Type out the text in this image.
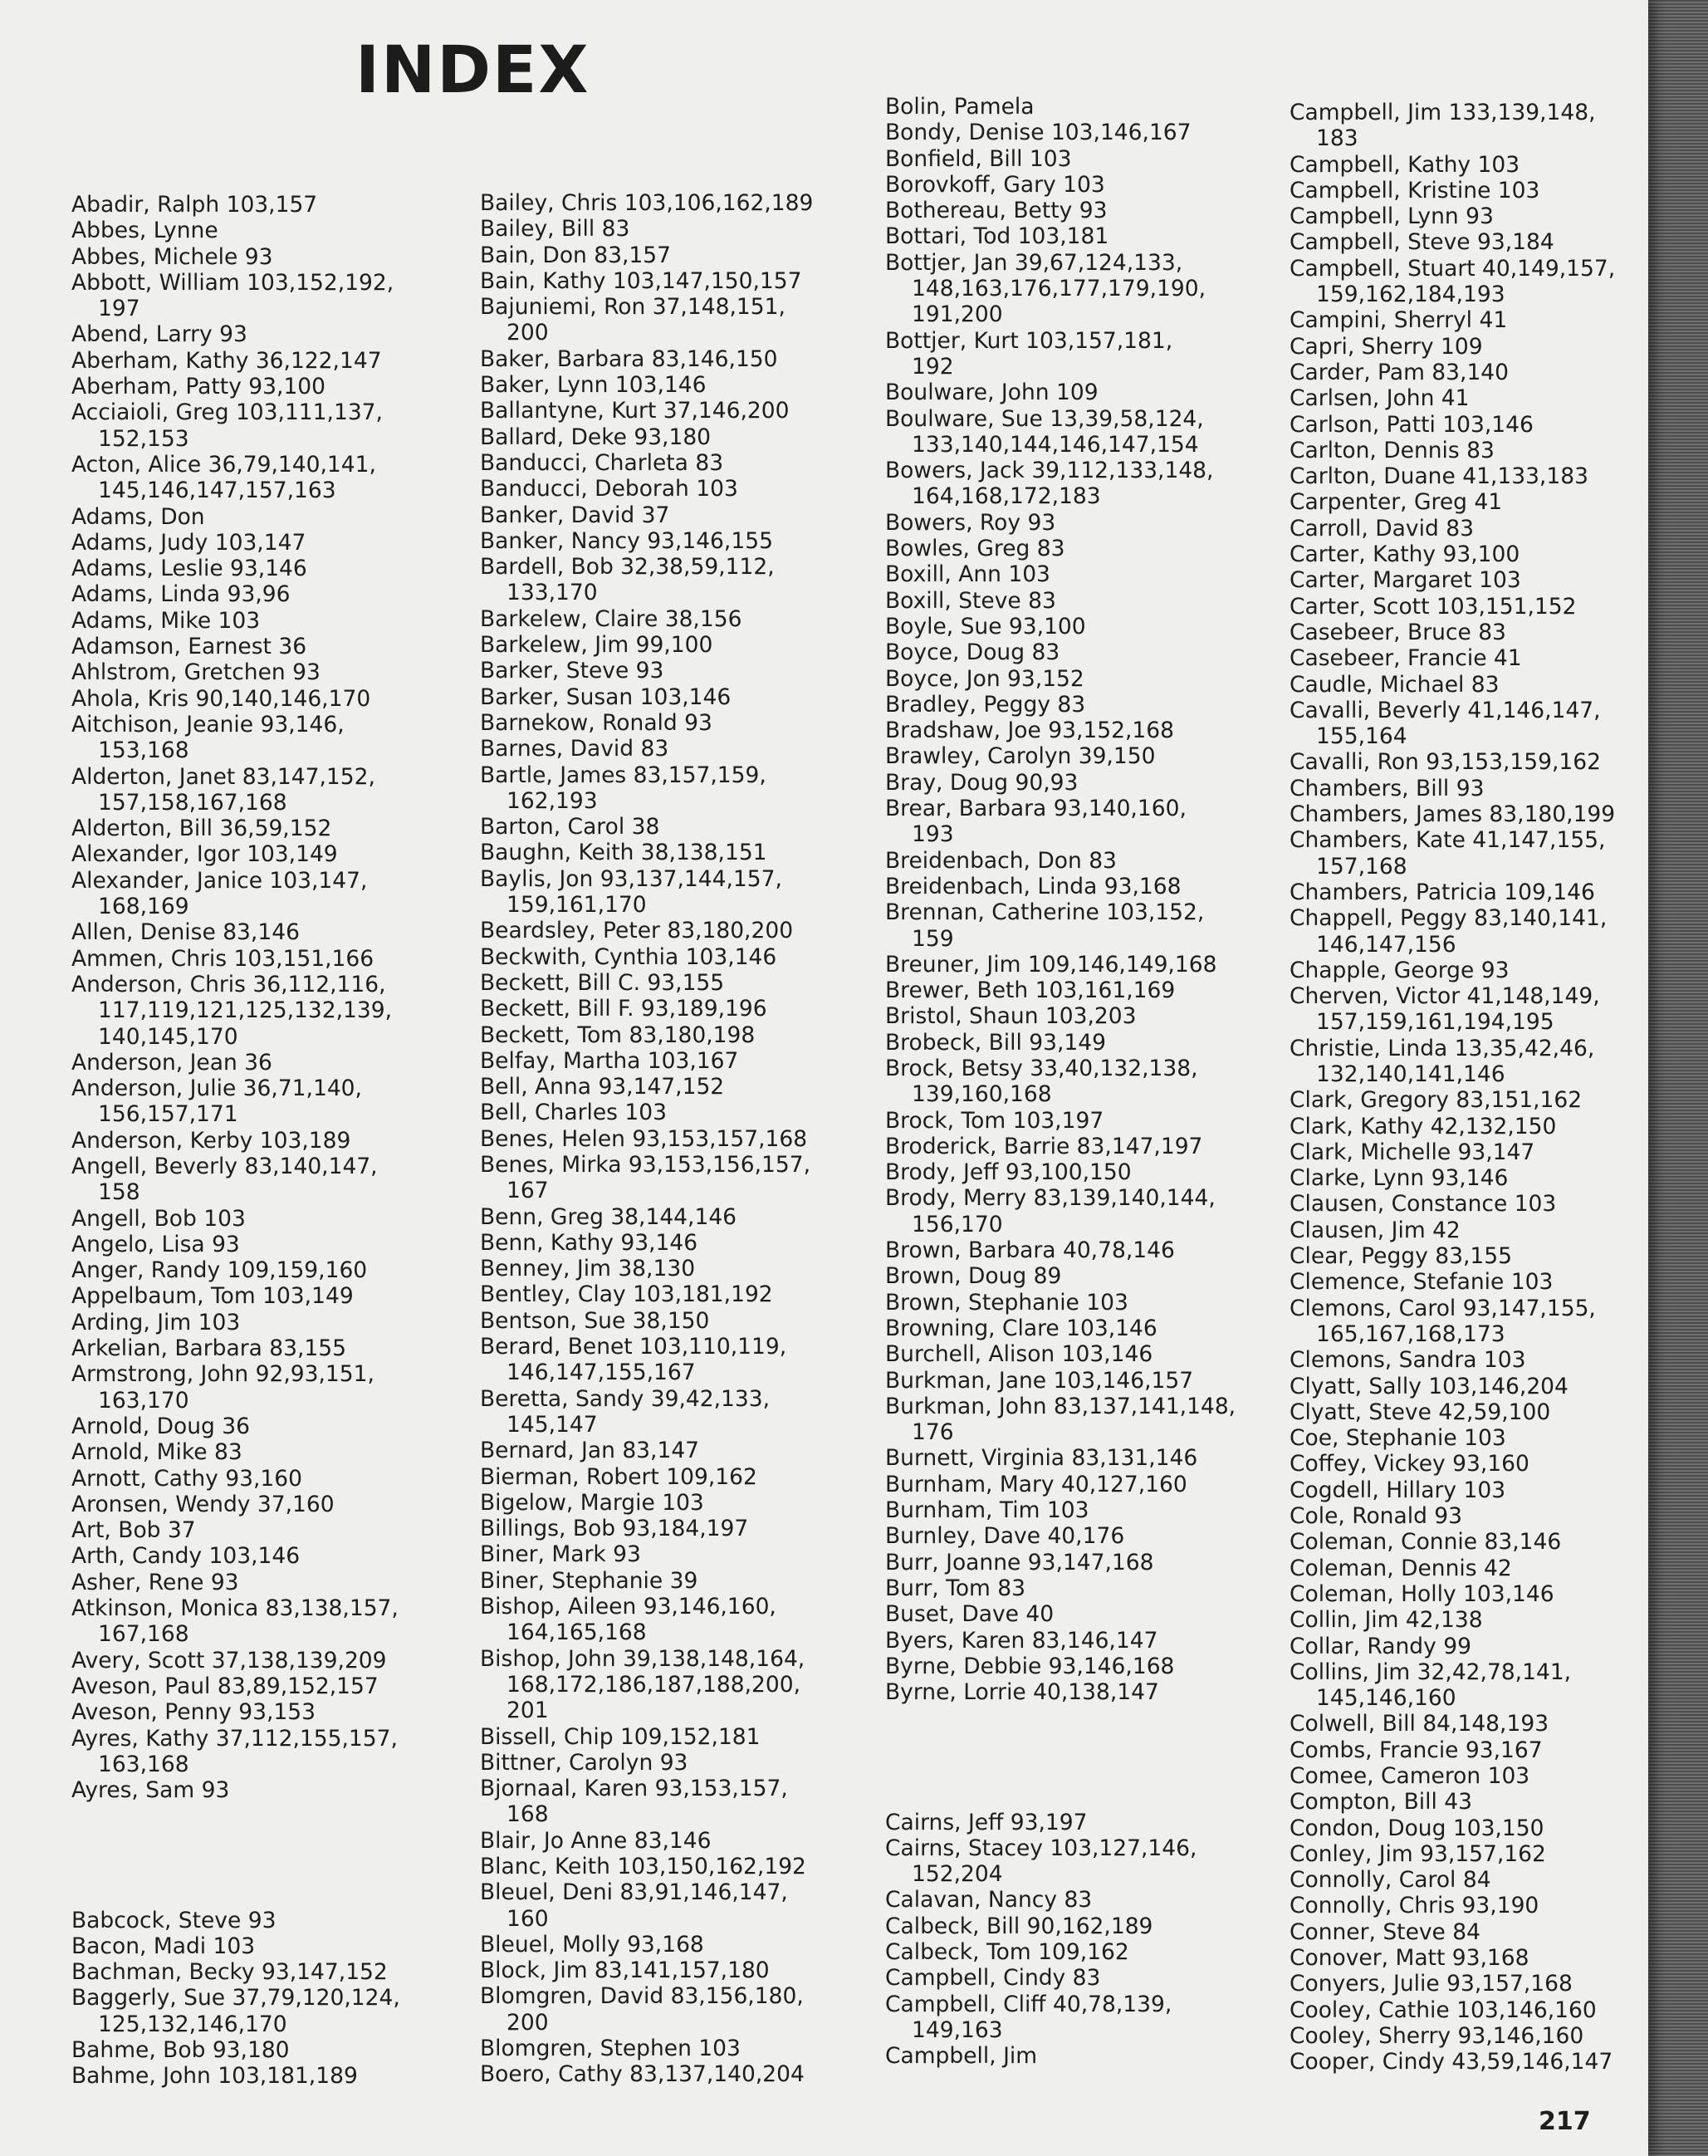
INDEX
Abadir, Ralph 103,157
Abbes, Lynne
Abbes, Michele 93
Abbott, William 103,152,192,
197
Abend, Larry 93
Aberham, Kathy 36,122,147
Aberham, Patty 93,100
Acciaioli, Greg 103,111,137,
152,153
Acton, Alice 36,79,140,141,
145,146,147,157,163
Adams, Don
Adams, Judy 103,147
Adams, Leslie 93,146
Adams, Linda 93,96
Adams, Mike 103
Adamson, Earnest 36
Ahlstrom, Gretchen 93
Ahola, Kris 90,140,146,170
Aitchison, Jeanie 93,146,
153,168
Alderton, Janet 83,147,152,
157,158,167,168
Alderton, Bill 36,59,152
Alexander, Igor 103,149
Alexander, Janice 103,147,
168,169
Allen, Denise 83,146
Ammen, Chris 103,151,166
Anderson, Chris 36,112,116,
117,119,121,125,132,139,
140,145,170
Anderson, Jean 36
Anderson, Julie 36,71,140,
156,157,171
Anderson, Kerby 103,189
Angell, Beverly 83,140,147,
158
Angell, Bob 103
Angelo, Lisa 93
Anger, Randy 109,159,160
Appelbaum, Tom 103,149
Arding, Jim 103
Arkelian, Barbara 83,155
Armstrong, John 92,93,151,
163,170
Arnold, Doug 36
Arnold, Mike 83
Arnott, Cathy 93,160
Aronsen, Wendy 37,160
Art, Bob 37
Arth, Candy 103,146
Asher, Rene 93
Atkinson, Monica 83,138,157,
167,168
Avery, Scott 37,138,139,209
Aveson, Paul 83,89,152,157
Aveson, Penny 93,153
Ayres, Kathy 37,112,155,157,
163,168
Ayres, Sam 93
Babcock, Steve 93
Bacon, Madi 103
Bachman, Becky 93,147,152
Baggerly, Sue 37,79,120,124,
125,132,146,170
Bahme, Bob 93,180
Bahme, John 103,181,189
Bailey, Chris 103,106,162,189
Bailey, Bill 83
Bain, Don 83,157
Bain, Kathy 103,147,150,157
Bajuniemi, Ron 37,148,151,
200
Baker, Barbara 83,146,150
Baker, Lynn 103,146
Ballantyne, Kurt 37,146,200
Ballard, Deke 93,180
Banducci, Charleta 83
Banducci, Deborah 103
Banker, David 37
Banker, Nancy 93,146,155
Bardell, Bob 32,38,59,112,
133,170
Barkelew, Claire 38,156
Barkelew, Jim 99,100
Barker, Steve 93
Barker, Susan 103,146
Barnekow, Ronald 93
Barnes, David 83
Bartle, James 83,157,159,
162,193
Barton, Carol 38
Baughn, Keith 38,138,151
Baylis, Jon 93,137,144,157,
159,161,170
Beardsley, Peter 83,180,200
Beckwith, Cynthia 103,146
Beckett, Bill C. 93,155
Beckett, Bill F. 93,189,196
Beckett, Tom 83,180,198
Belfay, Martha 103,167
Bell, Anna 93,147,152
Bell, Charles 103
Benes, Helen 93,153,157,168
Benes, Mirka 93,153,156,157,
167
Benn, Greg 38,144,146
Benn, Kathy 93,146
Benney, Jim 38,130
Bentley, Clay 103,181,192
Bentson, Sue 38,150
Berard, Benet 103,110,119,
146,147,155,167
Beretta, Sandy 39,42,133,
145,147
Bernard, Jan 83,147
Bierman, Robert 109,162
Bigelow, Margie 103
Billings, Bob 93,184,197
Biner, Mark 93
Biner, Stephanie 39
Bishop, Aileen 93,146,160,
164,165,168
Bishop, John 39,138,148,164,
168,172,186,187,188,200,
201
Bissell, Chip 109,152,181
Bittner, Carolyn 93
Bjornaal, Karen 93,153,157,
168
Blair, Jo Anne 83,146
Blanc, Keith 103,150,162,192
Bleuel, Deni 83,91,146,147,
160
Bleuel, Molly 93,168
Block, Jim 83,141,157,180
Blomgren, David 83,156,180,
200
Blomgren, Stephen 103
Boero, Cathy 83,137,140,204
Bolin, Pamela
Bondy, Denise 103,146,167
Bonfield, Bill 103
Borovkoff, Gary 103
Bothereau, Betty 93
Bottari, Tod 103,181
Bottjer, Jan 39,67,124,133,
148,163,176,177,179,190,
191,200
Bottjer, Kurt 103,157,181,
192
Boulware, John 109
Boulware, Sue 13,39,58,124,
133,140,144,146,147,154
Bowers, Jack 39,112,133,148,
164,168,172,183
Bowers, Roy 93
Bowles, Greg 83
Boxill, Ann 103
Boxill, Steve 83
Boyle, Sue 93,100
Boyce, Doug 83
Boyce, Jon 93,152
Bradley, Peggy 83
Bradshaw, Joe 93,152,168
Brawley, Carolyn 39,150
Bray, Doug 90,93
Brear, Barbara 93,140,160,
193
Breidenbach, Don 83
Breidenbach, Linda 93,168
Brennan, Catherine 103,152,
159
Breuner, Jim 109,146,149,168
Brewer, Beth 103,161,169
Bristol, Shaun 103,203
Brobeck, Bill 93,149
Brock, Betsy 33,40,132,138,
139,160,168
Brock, Tom 103,197
Broderick, Barrie 83,147,197
Brody, Jeff 93,100,150
Brody, Merry 83,139,140,144,
156,170
Brown, Barbara 40,78,146
Brown, Doug 89
Brown, Stephanie 103
Browning, Clare 103,146
Burchell, Alison 103,146
Burkman, Jane 103,146,157
Burkman, John 83,137,141,148,
176
Burnett, Virginia 83,131,146
Burnham, Mary 40,127,160
Burnham, Tim 103
Burnley, Dave 40,176
Burr, Joanne 93,147,168
Burr, Tom 83
Buset, Dave 40
Byers, Karen 83,146,147
Byrne, Debbie 93,146,168
Byrne, Lorrie 40,138,147
Cairns, Jeff 93,197
Cairns, Stacey 103,127,146,
152,204
Calavan, Nancy 83
Calbeck, Bill 90,162,189
Calbeck, Tom 109,162
Campbell, Cindy 83
Campbell, Cliff 40,78,139,
149,163
Campbell, Jim
Campbell, Jim 133,139,148,
183
Campbell, Kathy 103
Campbell, Kristine 103
Campbell, Lynn 93
Campbell, Steve 93,184
Campbell, Stuart 40,149,157,
159,162,184,193
Campini, Sherryl 41
Capri, Sherry 109
Carder, Pam 83,140
Carlsen, John 41
Carlson, Patti 103,146
Carlton, Dennis 83
Carlton, Duane 41,133,183
Carpenter, Greg 41
Carroll, David 83
Carter, Kathy 93,100
Carter, Margaret 103
Carter, Scott 103,151,152
Casebeer, Bruce 83
Casebeer, Francie 41
Caudle, Michael 83
Cavalli, Beverly 41,146,147,
155,164
Cavalli, Ron 93,153,159,162
Chambers, Bill 93
Chambers, James 83,180,199
Chambers, Kate 41,147,155,
157,168
Chambers, Patricia 109,146
Chappell, Peggy 83,140,141,
146,147,156
Chapple, George 93
Cherven, Victor 41,148,149,
157,159,161,194,195
Christie, Linda 13,35,42,46,
132,140,141,146
Clark, Gregory 83,151,162
Clark, Kathy 42,132,150
Clark, Michelle 93,147
Clarke, Lynn 93,146
Clausen, Constance 103
Clausen, Jim 42
Clear, Peggy 83,155
Clemence, Stefanie 103
Clemons, Carol 93,147,155,
165,167,168,173
Clemons, Sandra 103
Clyatt, Sally 103,146,204
Clyatt, Steve 42,59,100
Coe, Stephanie 103
Coffey, Vickey 93,160
Cogdell, Hillary 103
Cole, Ronald 93
Coleman, Connie 83,146
Coleman, Dennis 42
Coleman, Holly 103,146
Collin, Jim 42,138
Collar, Randy 99
Collins, Jim 32,42,78,141,
145,146,160
Colwell, Bill 84,148,193
Combs, Francie 93,167
Comee, Cameron 103
Compton, Bill 43
Condon, Doug 103,150
Conley, Jim 93,157,162
Connolly, Carol 84
Connolly, Chris 93,190
Conner, Steve 84
Conover, Matt 93,168
Conyers, Julie 93,157,168
Cooley, Cathie 103,146,160
Cooley, Sherry 93,146,160
Cooper, Cindy 43,59,146,147
217
